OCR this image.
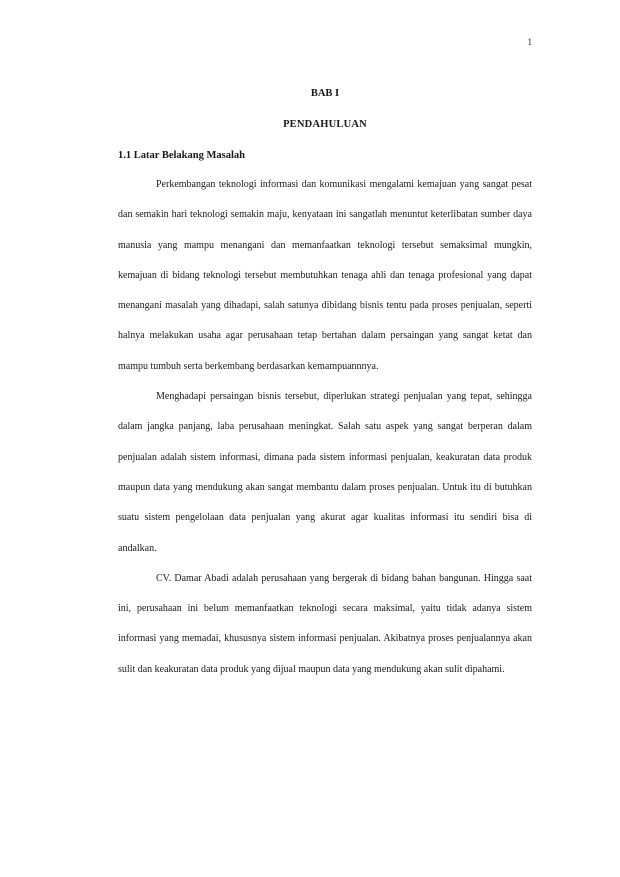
1
BAB I
PENDAHULUAN
1.1 Latar Belakang Masalah

Perkembangan teknologi informasi dan komunikasi mengalami kemajuan yang sangat pesat dan semakin hari teknologi semakin maju, kenyataan ini sangatlah menuntut keterlibatan sumber daya manusia yang mampu menangani dan memanfaatkan teknologi tersebut semaksimal mungkin, kemajuan di bidang teknologi tersebut membutuhkan tenaga ahli dan tenaga profesional yang dapat menangani masalah yang dihadapi, salah satunya dibidang bisnis tentu pada proses penjualan, seperti halnya melakukan usaha agar perusahaan tetap bertahan dalam persaingan yang sangat ketat dan mampu tumbuh serta berkembang berdasarkan kemampuannnya.

Menghadapi persaingan bisnis tersebut, diperlukan strategi penjualan yang tepat, sehingga dalam jangka panjang, laba perusahaan meningkat. Salah satu aspek yang sangat berperan dalam penjualan adalah sistem informasi, dimana pada sistem informasi penjualan, keakuratan data produk maupun data yang mendukung akan sangat membantu dalam proses penjualan. Untuk itu di butuhkan suatu sistem pengelolaan data penjualan yang akurat agar kualitas informasi itu sendiri bisa di andalkan.

CV. Damar Abadi adalah perusahaan yang bergerak di bidang bahan bangunan. Hingga saat ini, perusahaan ini belum memanfaatkan teknologi secara maksimal, yaitu tidak adanya sistem informasi yang memadai, khususnya sistem informasi penjualan. Akibatnya proses penjualannya akan sulit dan keakuratan data produk yang dijual maupun data yang mendukung akan sulit dipahami.
